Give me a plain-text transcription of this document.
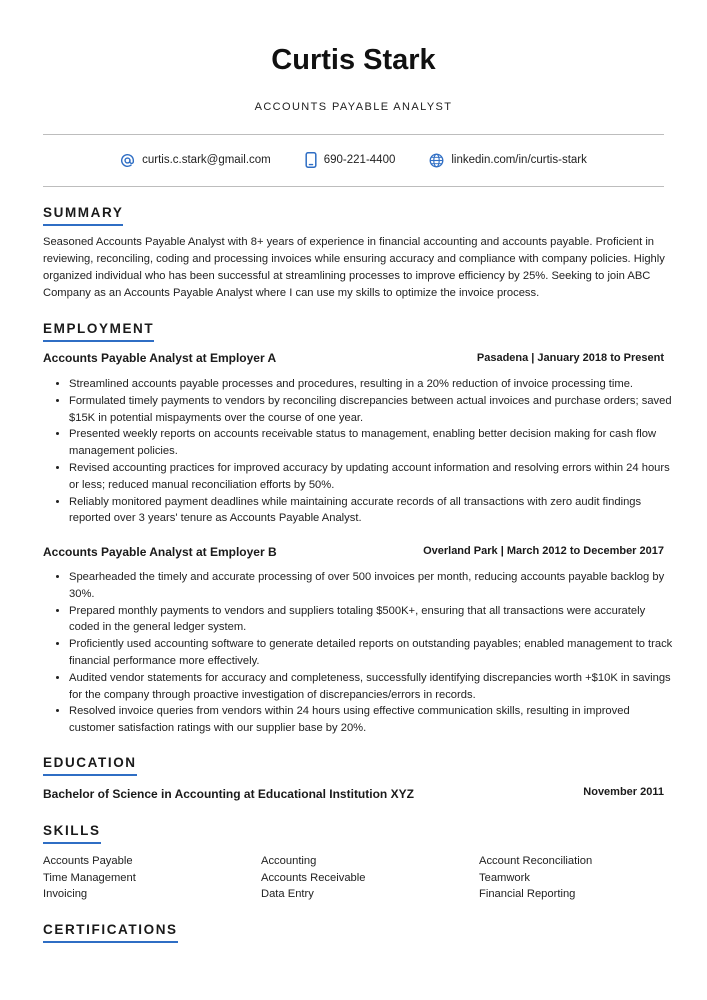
Curtis Stark
ACCOUNTS PAYABLE ANALYST
curtis.c.stark@gmail.com	690-221-4400	linkedin.com/in/curtis-stark
SUMMARY
Seasoned Accounts Payable Analyst with 8+ years of experience in financial accounting and accounts payable. Proficient in reviewing, reconciling, coding and processing invoices while ensuring accuracy and compliance with company policies. Highly organized individual who has been successful at streamlining processes to improve efficiency by 25%. Seeking to join ABC Company as an Accounts Payable Analyst where I can use my skills to optimize the invoice process.
EMPLOYMENT
Accounts Payable Analyst at Employer A	Pasadena | January 2018 to Present
• Streamlined accounts payable processes and procedures, resulting in a 20% reduction of invoice processing time.
• Formulated timely payments to vendors by reconciling discrepancies between actual invoices and purchase orders; saved $15K in potential mispayments over the course of one year.
• Presented weekly reports on accounts receivable status to management, enabling better decision making for cash flow management policies.
• Revised accounting practices for improved accuracy by updating account information and resolving errors within 24 hours or less; reduced manual reconciliation efforts by 50%.
• Reliably monitored payment deadlines while maintaining accurate records of all transactions with zero audit findings reported over 3 years' tenure as Accounts Payable Analyst.
Accounts Payable Analyst at Employer B	Overland Park | March 2012 to December 2017
• Spearheaded the timely and accurate processing of over 500 invoices per month, reducing accounts payable backlog by 30%.
• Prepared monthly payments to vendors and suppliers totaling $500K+, ensuring that all transactions were accurately coded in the general ledger system.
• Proficiently used accounting software to generate detailed reports on outstanding payables; enabled management to track financial performance more effectively.
• Audited vendor statements for accuracy and completeness, successfully identifying discrepancies worth +$10K in savings for the company through proactive investigation of discrepancies/errors in records.
• Resolved invoice queries from vendors within 24 hours using effective communication skills, resulting in improved customer satisfaction ratings with our supplier base by 20%.
EDUCATION
Bachelor of Science in Accounting at Educational Institution XYZ	November 2011
SKILLS
Accounts Payable	Accounting	Account Reconciliation
Time Management	Accounts Receivable	Teamwork
Invoicing	Data Entry	Financial Reporting
CERTIFICATIONS
